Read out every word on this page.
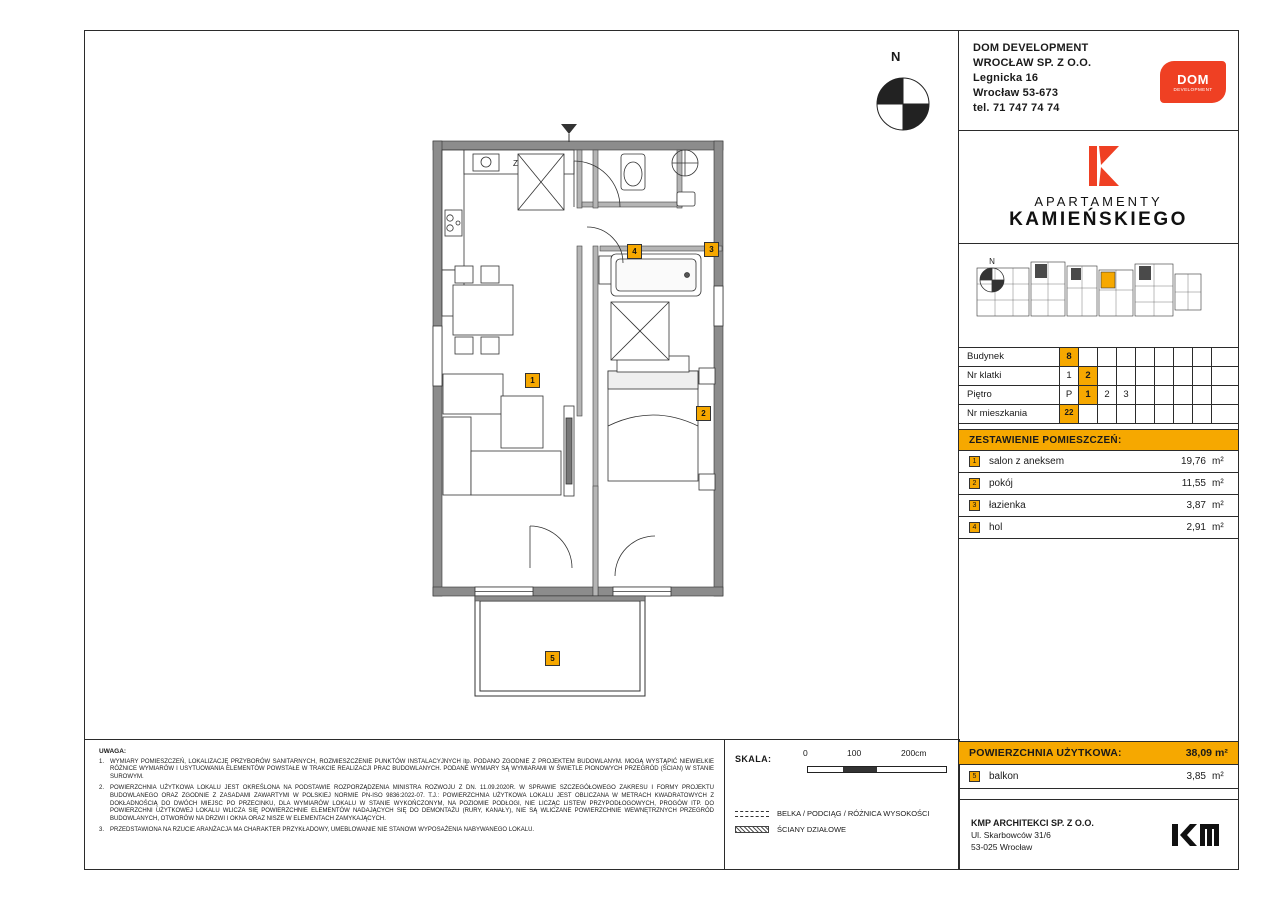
N
Z
1
2
3
4
5
UWAGA:
1. WYMIARY POMIESZCZEŃ, LOKALIZACJĘ PRZYBORÓW SANITARNYCH, ROZMIESZCZENIE PUNKTÓW INSTALACYJNYCH itp. PODANO ZGODNIE Z PROJEKTEM BUDOWLANYM. MOGĄ WYSTĄPIĆ NIEWIELKIE RÓŻNICE WYMIARÓW I USYTUOWANIA ELEMENTÓW POWSTAŁE W TRAKCIE REALIZACJI PRAC BUDOWLANYCH. PODANE WYMIARY SĄ WYMIARAMI W ŚWIETLE PIONOWYCH PRZEGRÓD (ŚCIAN) W STANIE SUROWYM.
2. POWIERZCHNIA UŻYTKOWA LOKALU JEST OKREŚLONA NA PODSTAWIE ROZPORZĄDZENIA MINISTRA ROZWOJU Z DN. 11.09.2020R. W SPRAWIE SZCZEGÓŁOWEGO ZAKRESU I FORMY PROJEKTU BUDOWLANEGO ORAZ ZGODNIE Z ZASADAMI ZAWARTYMI W POLSKIEJ NORMIE PN-ISO 9836:2022-07. T.J.: POWIERZCHNIA UŻYTKOWA LOKALU JEST OBLICZANA W METRACH KWADRATOWYCH Z DOKŁADNOŚCIĄ DO DWÓCH MIEJSC PO PRZECINKU, DLA WYMIARÓW LOKALU W STANIE WYKOŃCZONYM, NA POZIOMIE PODŁOGI, NIE LICZĄC LISTEW PRZYPODŁOGOWYCH, PROGÓW ITP. DO POWIERZCHNI UŻYTKOWEJ LOKALU WLICZA SIĘ POWIERZCHNIE ELEMENTÓW NADAJĄCYCH SIĘ DO DEMONTAŻU (RURY, KANAŁY), NIE SĄ WLICZANE POWIERZCHNIE WEWNĘTRZNYCH PRZEGRÓD BUDOWLANYCH, OTWORÓW NA DRZWI I OKNA ORAZ NISZE W ELEMENTACH ZAMYKAJĄCYCH.
3. PRZEDSTAWIONA NA RZUCIE ARANŻACJA MA CHARAKTER PRZYKŁADOWY, UMEBLOWANIE NIE STANOWI WYPOSAŻENIA NABYWANEGO LOKALU.
SKALA:
0	100	200cm
BELKA / PODCIĄG / RÓŻNICA WYSOKOŚCI
ŚCIANY DZIAŁOWE
DOM DEVELOPMENT
WROCŁAW SP. Z O.O.
Legnicka 16
Wrocław 53-673
tel. 71 747 74 74
DOM
DEVELOPMENT
APARTAMENTY
KAMIEŃSKIEGO
N
Budynek	8
Nr klatki	1	2
Piętro	P	1	2	3
Nr mieszkania	22
ZESTAWIENIE POMIESZCZEŃ:
1	salon z aneksem	19,76 m²
2	pokój	11,55 m²
3	łazienka	3,87 m²
4	hol	2,91 m²
POWIERZCHNIA UŻYTKOWA:	38,09 m²
5	balkon	3,85 m²
KMP ARCHITEKCI SP. Z O.O.
Ul. Skarbowców 31/6
53-025 Wrocław
